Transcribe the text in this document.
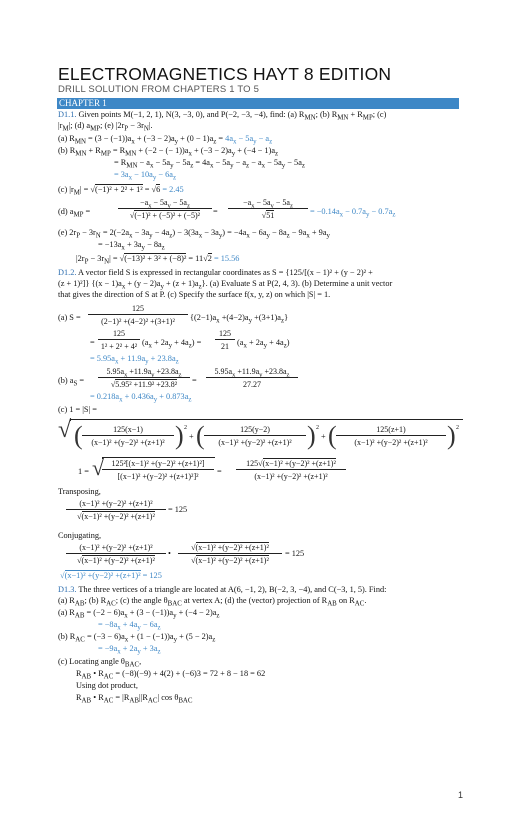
ELECTROMAGNETICS HAYT 8 EDITION
DRILL SOLUTION FROM CHAPTERS 1 TO 5
CHAPTER 1
D1.1. Given points M(−1, 2, 1), N(3, −3, 0), and P(−2, −3, −4), find: (a) $R_{MN}$; (b) $R_{MN} + R_{MP}$; (c)
$|r_M|$; (d) $a_{MP}$; (e) $|2r_P - 3r_N|$.
(a) $R_{MN} = (3 - (-1))a_x + (-3 - 2)a_y + (0 - 1)a_z = 4a_x - 5a_y - a_z$
(b) $R_{MN} + R_{MP} = R_{MN} + (-2$ − (− $1))a_x + (-3 - 2)a_y + (-4 - 1)a_z$
= $R_{MN} - a_x - 5a_y - 5a_z = 4a_x - 5a_y - a_z - a_x - 5a_y - 5a_z$
= $3a_x - 10a_y - 6a_z$
(c) $|r_M| = √(-1)^2 + 2^2 + 1^2 = √6 = 2.45$
(d) $a_{MP}$ =
$-a_x - 5a_y - 5a_z$
√(−1)² + (−5)² + (−5)²	=
$-a_x - 5a_y - 5a_z$
√51	= $-0.14a_x - 0.7a_y - 0.7a_z$
(e) $2r_P - 3r_N = 2(-2a_x - 3a_y - 4a_z) - 3(3a_x - 3a_y) = -4a_x - 6a_y - 8a_z - 9a_x + 9a_y$
= $-13a_x + 3a_y - 8a_z$
$|2r_P - 3r_N| = √(-13)^2 + 3^2 + (-8)^2 = 11√2 = 15.56$
D1.2. A vector field S is expressed in rectangular coordinates as S = {125/[(x − 1)² + (y − 2)² +
(z + 1)²]} $\{(x - 1)a_x + (y - 2)a_y + (z + 1)a_z\}$. (a) Evaluate S at P(2, 4, 3). (b) Determine a unit vector
that gives the direction of S at P. (c) Specify the surface f(x, y, z) on which |S| = 1.
(a) S =
125
(2−1)² +(4−2)² +(3+1)²	$\{(2-1)a_x +(4-2)a_y +(3+1)a_z\}$
=
125
1² + 2² + 4² $(a_x + 2a_y + 4a_z)$ =
125
21 $(a_x + 2a_y + 4a_z)$
= $5.95a_x + 11.9a_y + 23.8a_z$
(b) $a_S$ =
$5.95a_x +11.9a_y +23.8a_z$
√5.95² +11.9² +23.8²	=
$5.95a_x +11.9a_y +23.8a_z$
27.27
= $0.218a_x + 0.436a_y + 0.873a_z$
(c) 1 = |S| =
√ (	125(x−1)
(x−1)² +(y−2)² +(z+1)² ) 2
+ (	125(y−2)
(x−1)² +(y−2)² +(z+1)² ) 2
+ (	125(z+1)
(x−1)² +(y−2)² +(z+1)² ) 2
1 = √ 125²[(x−1)² +(y−2)² +(z+1)²]
[(x−1)² +(y−2)² +(z+1)²]²
=
125√(x−1)² +(y−2)² +(z+1)²
(x−1)² +(y−2)² +(z+1)²
Transposing,
(x−1)² +(y−2)² +(z+1)²
√(x−1)² +(y−2)² +(z+1)²
= 125
Conjugating,
(x−1)² +(y−2)² +(z+1)²
√(x−1)² +(y−2)² +(z+1)²
•
√(x−1)² +(y−2)² +(z+1)²
√(x−1)² +(y−2)² +(z+1)²
= 125
√(x−1)² +(y−2)² +(z+1)² = 125
D1.3. The three vertices of a triangle are located at A(6, −1, 2), B(−2, 3, −4), and C(−3, 1, 5). Find:
(a) $R_{AB}$; (b) $R_{AC}$; (c) the angle $\theta_{BAC}$ at vertex A; (d) the (vector) projection of $R_{AB}$ on $R_{AC}$.
(a) $R_{AB} = (-2 - 6)a_x + (3 - (-1))a_y + (-4 - 2)a_z$
= $-8a_x + 4a_y - 6a_z$
(b) $R_{AC} = (-3 - 6)a_x + (1 - (-1))a_y + (5 - 2)a_z$
= $-9a_x + 2a_y + 3a_z$
(c) Locating angle $\theta_{BAC}$,
$R_{AB}$ • $R_{AC} = (-8)(-9) + 4(2) + (-6)3 = 72 + 8 - 18 = 62$
Using dot product,
$R_{AB}$ • $R_{AC} = |R_{AB}||R_{AC}|$ $\cos \theta_{BAC}$
1
